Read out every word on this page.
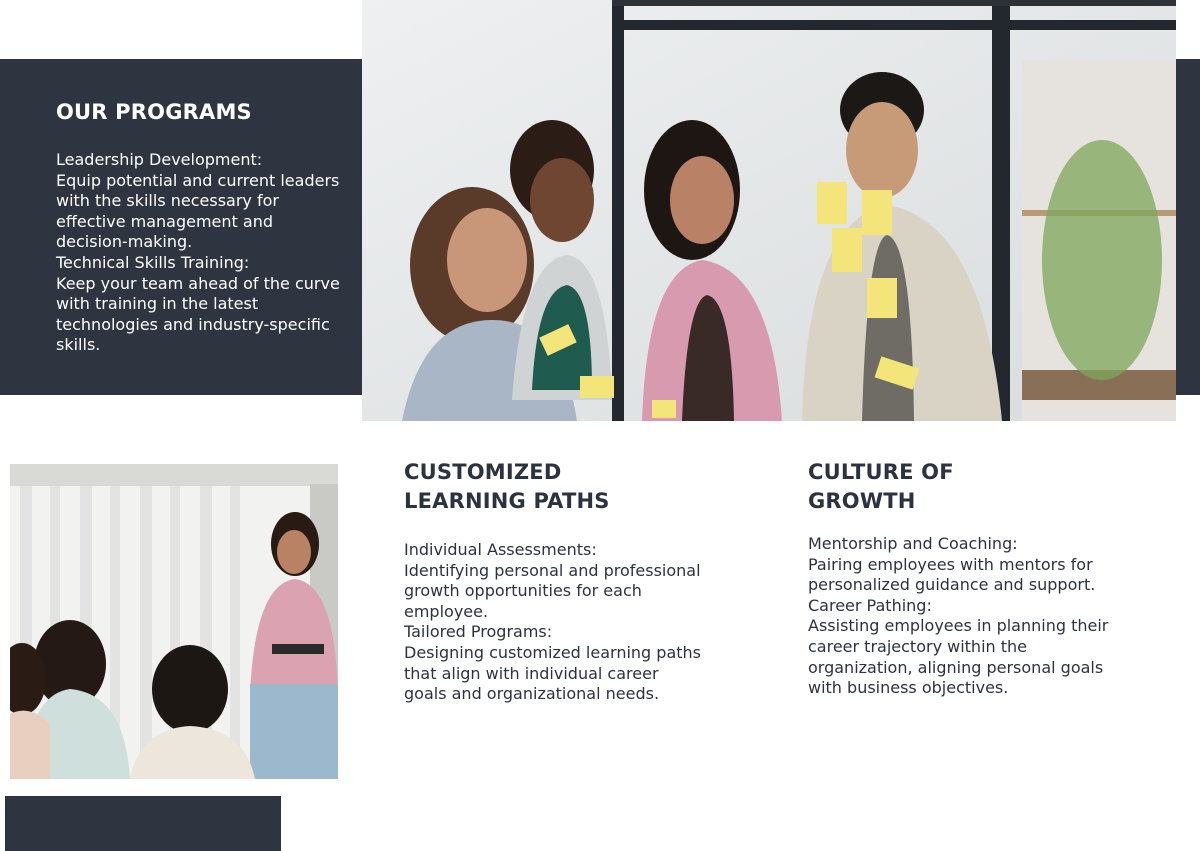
OUR PROGRAMS
Leadership Development:
Equip potential and current leaders with the skills necessary for effective management and decision-making.
Technical Skills Training:
Keep your team ahead of the curve with training in the latest technologies and industry-specific skills.
CUSTOMIZED
LEARNING PATHS
Individual Assessments:
Identifying personal and professional growth opportunities for each employee.
Tailored Programs:
Designing customized learning paths that align with individual career goals and organizational needs.
CULTURE OF
GROWTH
Mentorship and Coaching:
Pairing employees with mentors for personalized guidance and support.
Career Pathing:
Assisting employees in planning their career trajectory within the organization, aligning personal goals with business objectives.
